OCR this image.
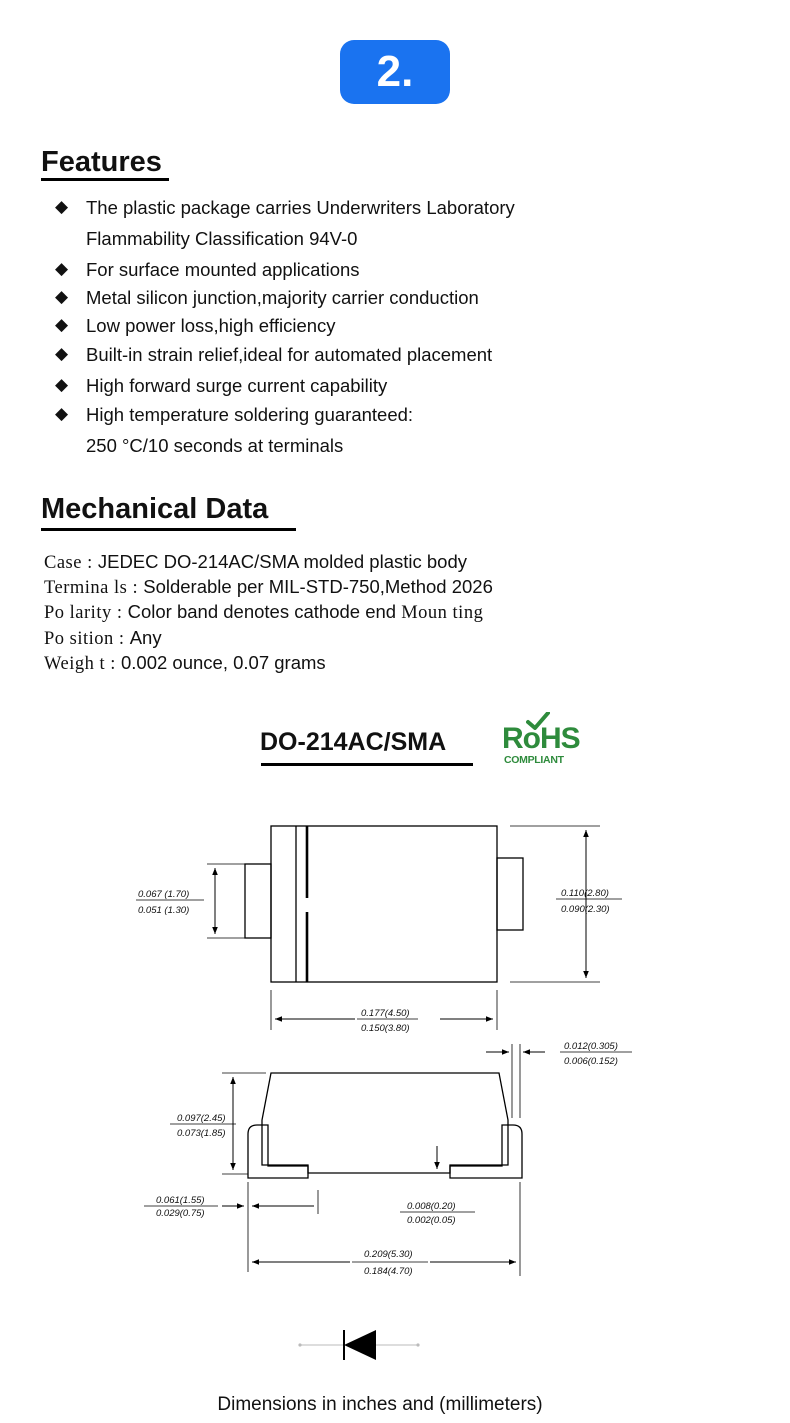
2.
Features
◆ The plastic package carries Underwriters Laboratory
Flammability Classification 94V-0
◆ For surface mounted applications
◆ Metal silicon junction,majority carrier conduction
◆ Low power loss,high efficiency
◆ Built-in strain relief,ideal for automated placement
◆ High forward surge current capability
◆ High temperature soldering guaranteed:
250 °C/10 seconds at terminals
Mechanical Data
Case : JEDEC DO-214AC/SMA molded plastic body
Termina ls : Solderable per MIL-STD-750,Method 2026
Po larity : Color band denotes cathode end Moun ting
Po sition : Any
Weigh t : 0.002 ounce, 0.07 grams
DO-214AC/SMA RoHS
COMPLIANT
0.067 (1.70)
0.051 (1.30)
0.110(2.80)
0.090(2.30)
0.177(4.50)
0.150(3.80)
0.012(0.305)
0.006(0.152)
0.097(2.45)
0.073(1.85)
0.061(1.55)
0.029(0.75)
0.008(0.20)
0.002(0.05)
0.209(5.30)
0.184(4.70)
Dimensions in inches and (millimeters)
